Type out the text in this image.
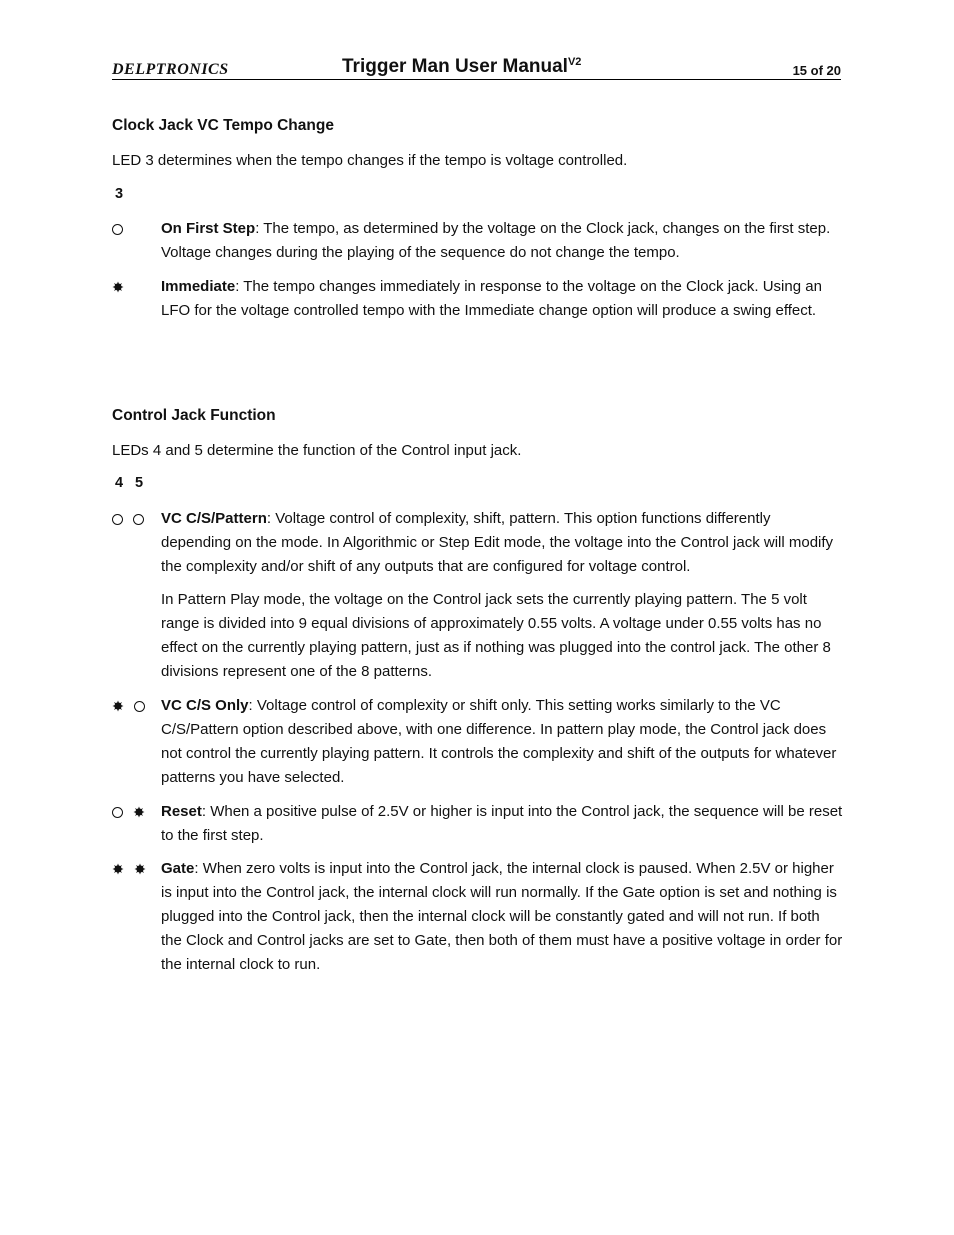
DELPTRONICS	Trigger Man User Manual$^{V2}$
15 of 20
Clock Jack VC Tempo Change
LED 3 determines when the tempo changes if the tempo is voltage controlled.
3
On First Step: The tempo, as determined by the voltage on the Clock jack, changes on the first step. Voltage changes during the playing of the sequence do not change the tempo.
Immediate: The tempo changes immediately in response to the voltage on the Clock jack. Using an LFO for the voltage controlled tempo with the Immediate change option will produce a swing effect.
Control Jack Function
LEDs 4 and 5 determine the function of the Control input jack.
4 5
VC C/S/Pattern: Voltage control of complexity, shift, pattern. This option functions differently depending on the mode. In Algorithmic or Step Edit mode, the voltage into the Control jack will modify the complexity and/or shift of any outputs that are configured for voltage control.
In Pattern Play mode, the voltage on the Control jack sets the currently playing pattern. The 5 volt range is divided into 9 equal divisions of approximately 0.55 volts. A voltage under 0.55 volts has no effect on the currently playing pattern, just as if nothing was plugged into the control jack. The other 8 divisions represent one of the 8 patterns.
VC C/S Only: Voltage control of complexity or shift only. This setting works similarly to the VC C/S/Pattern option described above, with one difference. In pattern play mode, the Control jack does not control the currently playing pattern. It controls the complexity and shift of the outputs for whatever patterns you have selected.
Reset: When a positive pulse of 2.5V or higher is input into the Control jack, the sequence will be reset to the first step.
Gate: When zero volts is input into the Control jack, the internal clock is paused. When 2.5V or higher is input into the Control jack, the internal clock will run normally. If the Gate option is set and nothing is plugged into the Control jack, then the internal clock will be constantly gated and will not run. If both the Clock and Control jacks are set to Gate, then both of them must have a positive voltage in order for the internal clock to run.
